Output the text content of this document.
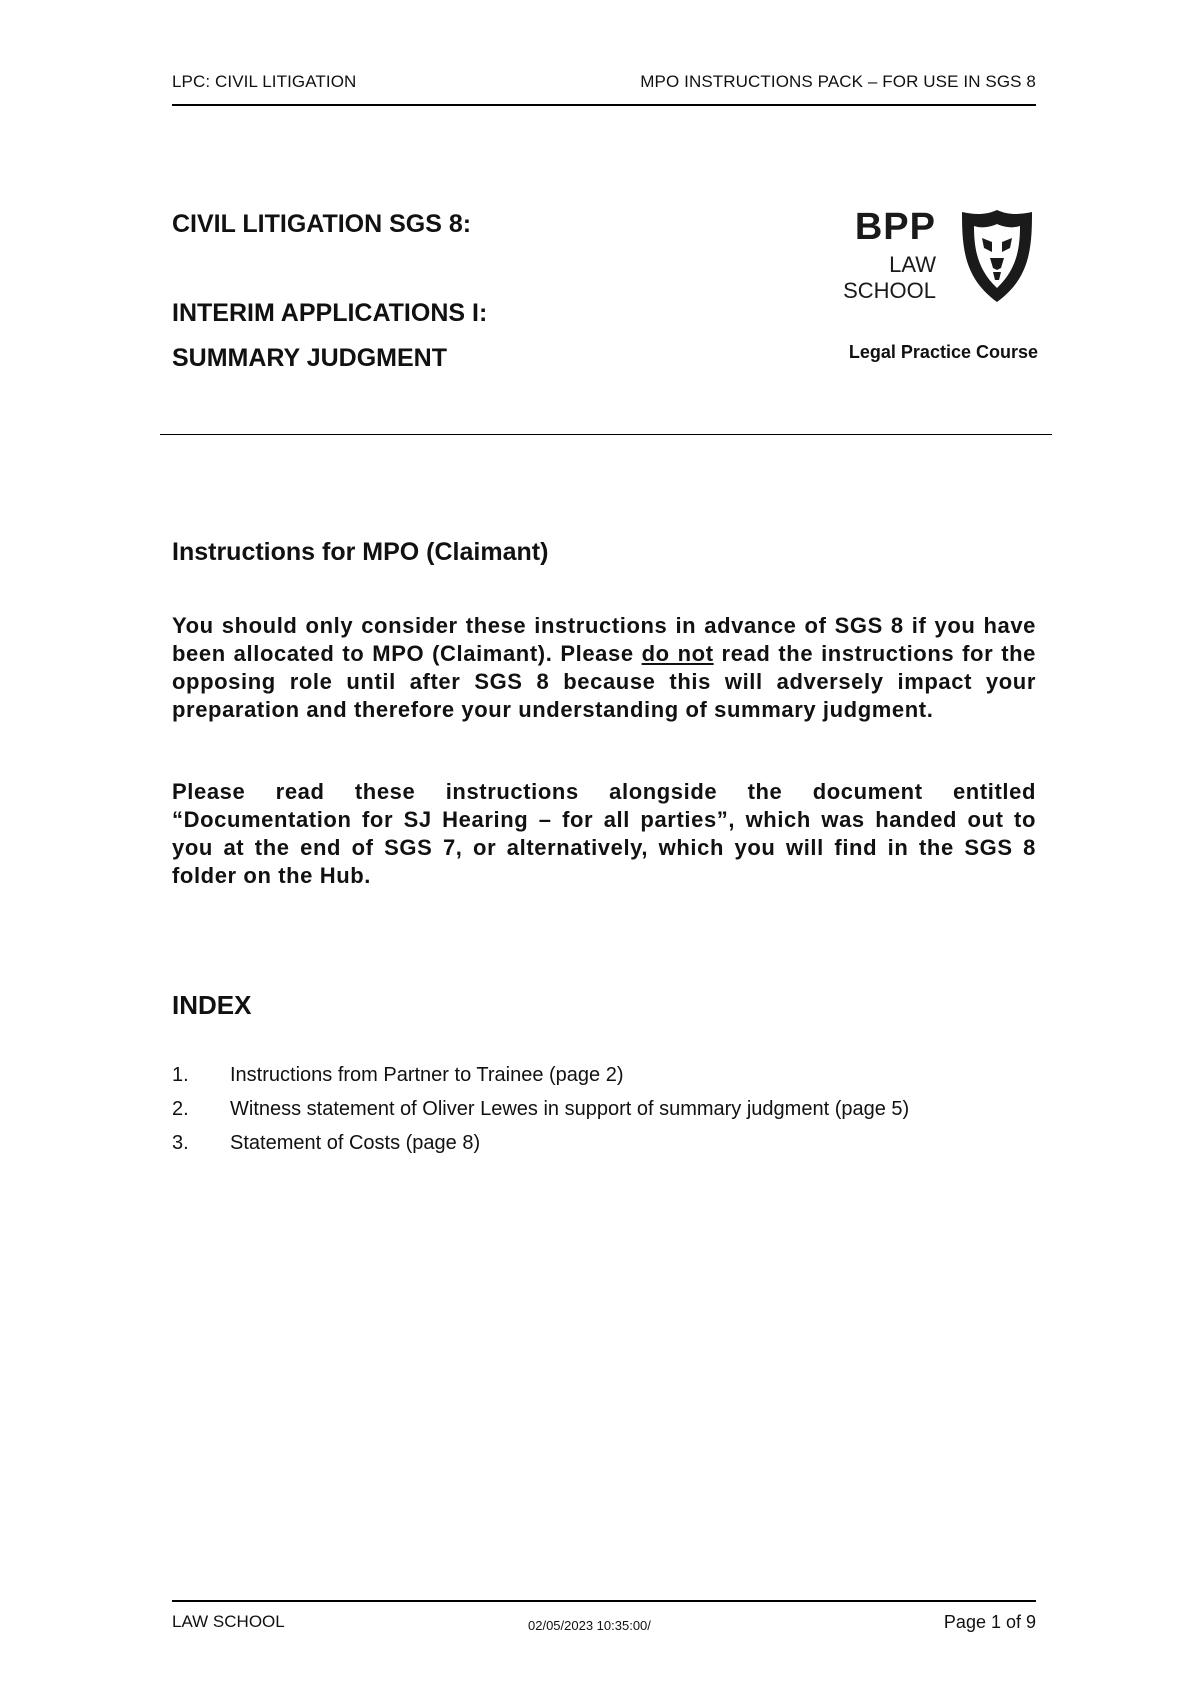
LPC: CIVIL LITIGATION	MPO INSTRUCTIONS PACK – FOR USE IN SGS 8
CIVIL LITIGATION SGS 8:
INTERIM APPLICATIONS I:
SUMMARY JUDGMENT
BPP
LAW
SCHOOL
Legal Practice Course
Instructions for MPO (Claimant)
You should only consider these instructions in advance of SGS 8 if you have been allocated to MPO (Claimant). Please do not read the instructions for the opposing role until after SGS 8 because this will adversely impact your preparation and therefore your understanding of summary judgment.
Please read these instructions alongside the document entitled “Documentation for SJ Hearing – for all parties”, which was handed out to you at the end of SGS 7, or alternatively, which you will find in the SGS 8 folder on the Hub.
INDEX
1. Instructions from Partner to Trainee (page 2)
2. Witness statement of Oliver Lewes in support of summary judgment (page 5)
3. Statement of Costs (page 8)
LAW SCHOOL	02/05/2023 10:35:00/	Page 1 of 9
